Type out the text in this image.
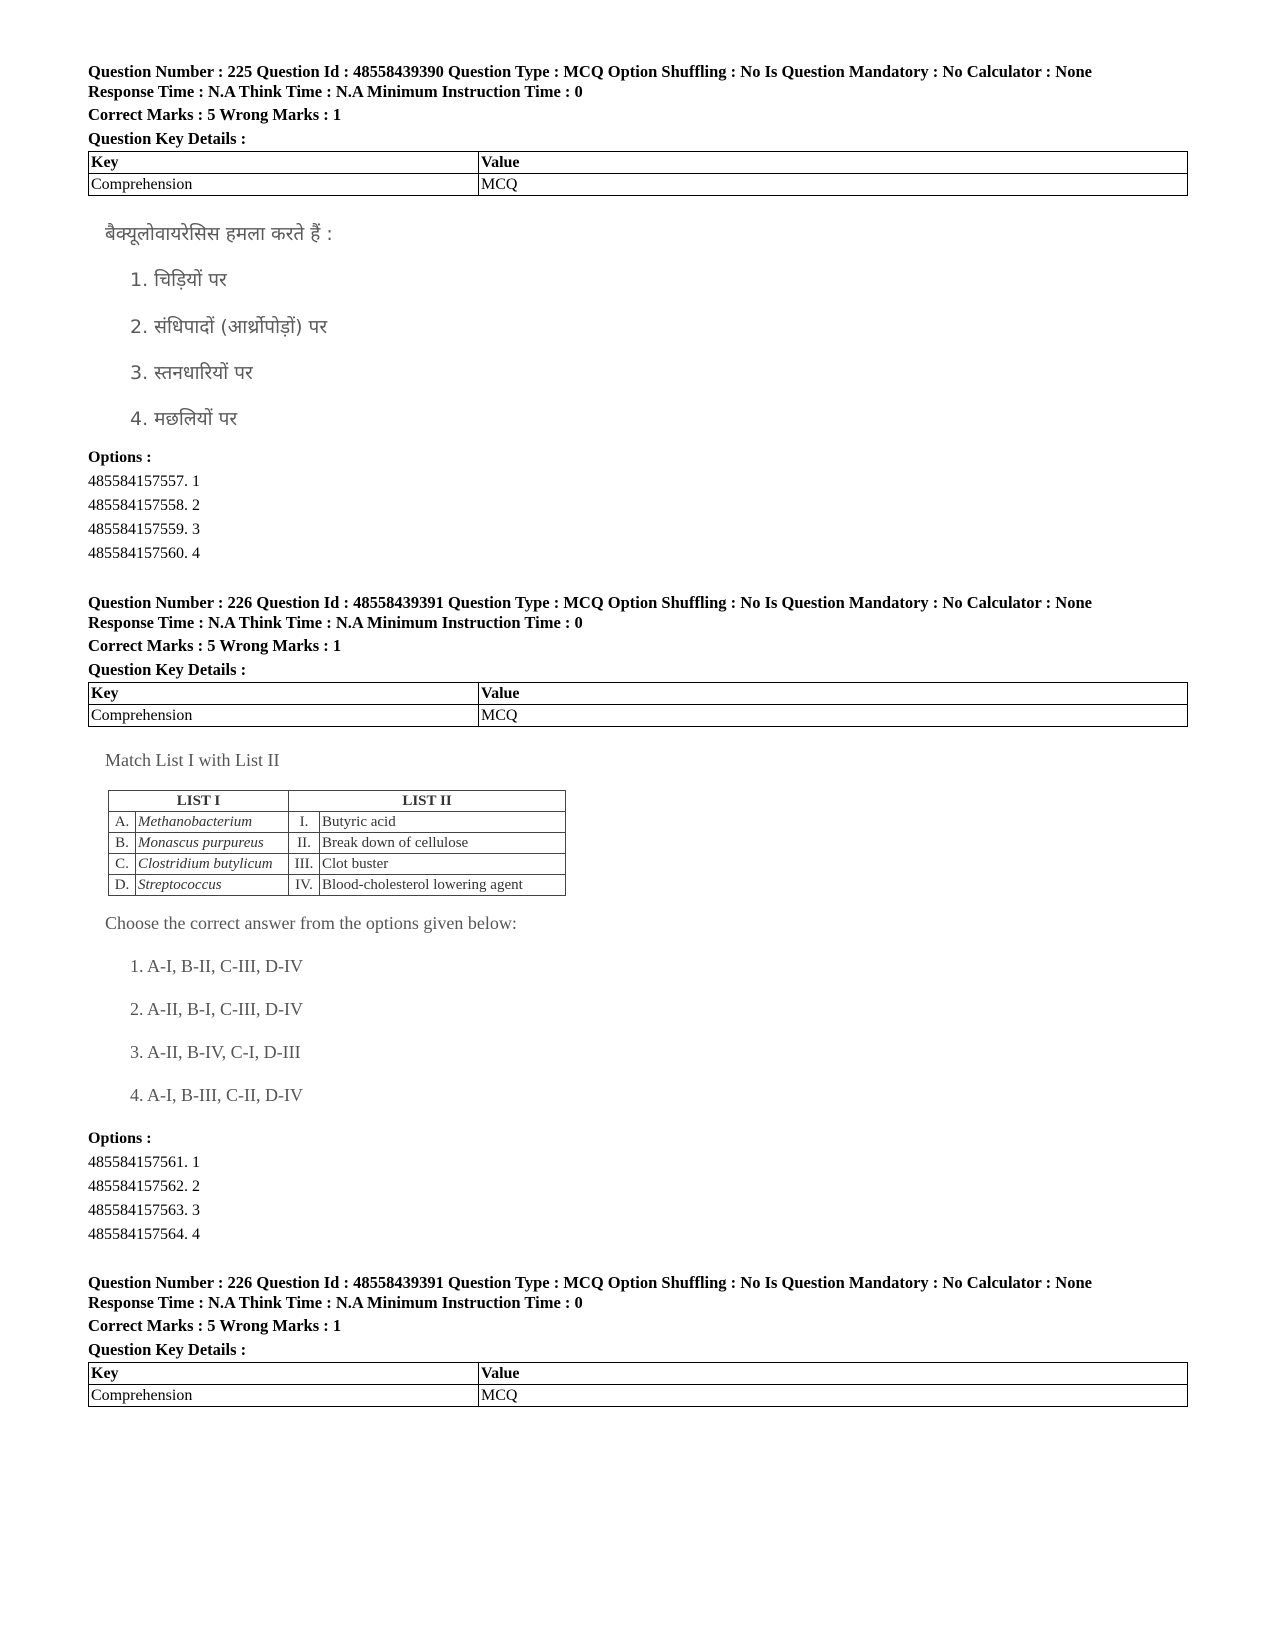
Question Number : 225 Question Id : 48558439390 Question Type : MCQ Option Shuffling : No Is Question Mandatory : No Calculator : None

Response Time : N.A Think Time : N.A Minimum Instruction Time : 0

Correct Marks : 5 Wrong Marks : 1

Question Key Details :

Key	Value
Comprehension	MCQ
बैक्यूलोवायरेसिस हमला करते हैं :
1. चिड़ियों पर
2. संधिपादों (आर्थ्रोपोड़ों) पर
3. स्तनधारियों पर
4. मछलियों पर
Options :
485584157557. 1
485584157558. 2
485584157559. 3
485584157560. 4

Question Number : 226 Question Id : 48558439391 Question Type : MCQ Option Shuffling : No Is Question Mandatory : No Calculator : None

Response Time : N.A Think Time : N.A Minimum Instruction Time : 0

Correct Marks : 5 Wrong Marks : 1

Question Key Details :

Key	Value
Comprehension	MCQ
Match List I with List II
Choose the correct answer from the options given below:
1. A-I, B-II, C-III, D-IV
2. A-II, B-I, C-III, D-IV
3. A-II, B-IV, C-I, D-III
4. A-I, B-III, C-II, D-IV
LIST I		LIST II	
A.	Methanobacterium	I.	Butyric acid
B.	Monascus purpureus	II.	Break down of cellulose
C.	Clostridium butylicum	III.	Clot buster
D.	Streptococcus	IV.	Blood-cholesterol lowering agent
Options :
485584157561. 1
485584157562. 2
485584157563. 3
485584157564. 4

Question Number : 226 Question Id : 48558439391 Question Type : MCQ Option Shuffling : No Is Question Mandatory : No Calculator : None

Response Time : N.A Think Time : N.A Minimum Instruction Time : 0

Correct Marks : 5 Wrong Marks : 1

Question Key Details :

Key	Value
Comprehension	MCQ
